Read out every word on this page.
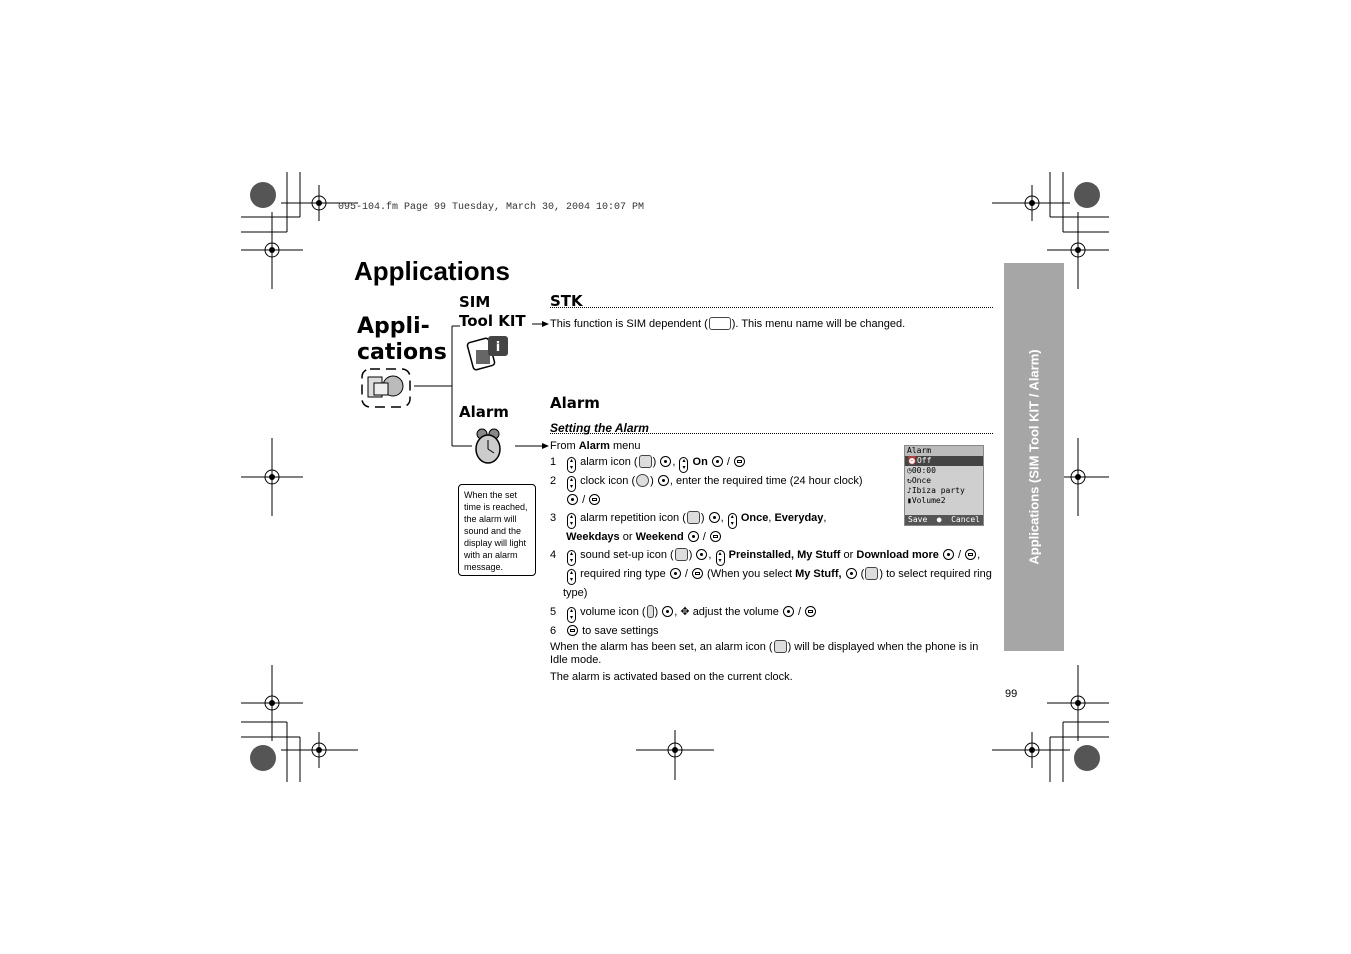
095-104.fm Page 99 Tuesday, March 30, 2004 10:07 PM
Applications
Appli-
cations
SIM
Tool KIT
i
Alarm
When the set time is reached, the alarm will sound and the display will light with an alarm message.
STK
This function is SIM dependent ( ). This menu name will be changed.
Alarm
Setting the Alarm
From Alarm menu
1 ▴
▾ alarm icon ( ) , ▴
▾ On /
2 ▴
▾ clock icon ( ) , enter the required time (24 hour clock)
/
3 ▴
▾ alarm repetition icon ( ) , ▴
▾ Once, Everyday,
Weekdays or Weekend /
4 ▴
▾ sound set-up icon ( ) , ▴
▾ Preinstalled, My Stuff or Download more / ,
▴
▾ required ring type / (When you select My Stuff, ( ) to select required ring
type)
5 ▴
▾ volume icon ( ) , ✥ adjust the volume /
6 to save settings
When the alarm has been set, an alarm icon ( ) will be displayed when the phone is in
Idle mode.
The alarm is activated based on the current clock.
Alarm
⏰Off
◷00:00
↻Once
♪Ibiza party
▮Volume2
Save ● Cancel	Applications (SIM Tool KIT / Alarm)
99
